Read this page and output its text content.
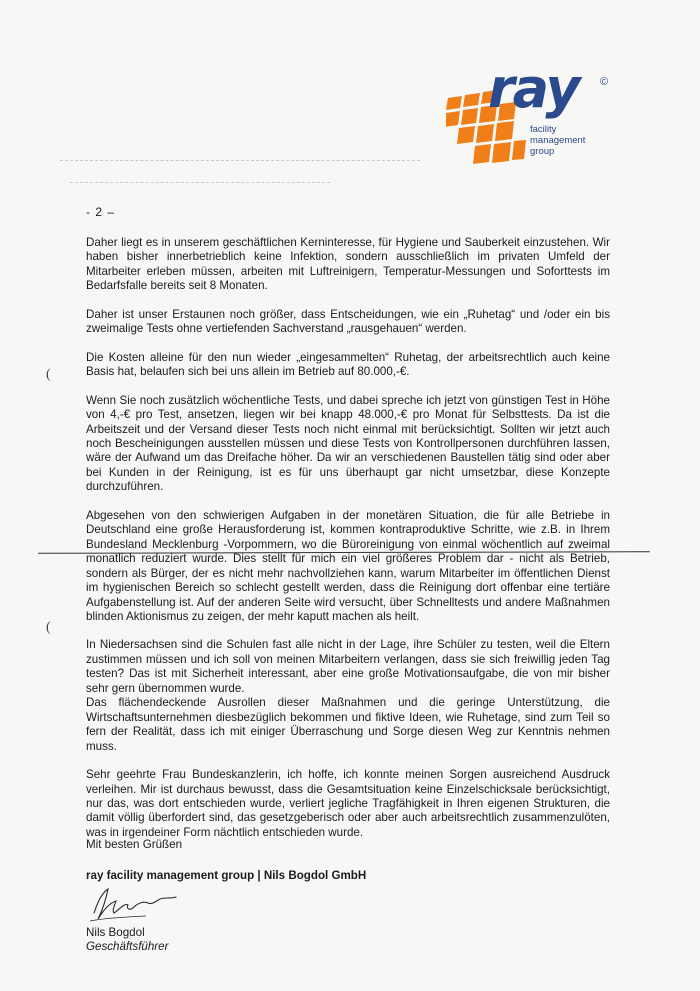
ray ©
facility
management
group
- 2 –
(
(

Daher liegt es in unserem geschäftlichen Kerninteresse, für Hygiene und Sauberkeit einzustehen. Wir haben bisher innerbetrieblich keine Infektion, sondern ausschließlich im privaten Umfeld der Mitarbeiter erleben müssen, arbeiten mit Luftreinigern, Temperatur-Messungen und Soforttests im Bedarfsfalle bereits seit 8 Monaten.

Daher ist unser Erstaunen noch größer, dass Entscheidungen, wie ein „Ruhetag“ und /oder ein bis zweimalige Tests ohne vertiefenden Sachverstand „rausgehauen“ werden.

Die Kosten alleine für den nun wieder „eingesammelten“ Ruhetag, der arbeitsrechtlich auch keine Basis hat, belaufen sich bei uns allein im Betrieb auf 80.000,-€.

Wenn Sie noch zusätzlich wöchentliche Tests, und dabei spreche ich jetzt von günstigen Test in Höhe von 4,-€ pro Test, ansetzen, liegen wir bei knapp 48.000,-€ pro Monat für Selbsttests. Da ist die Arbeitszeit und der Versand dieser Tests noch nicht einmal mit berücksichtigt. Sollten wir jetzt auch noch Bescheinigungen ausstellen müssen und diese Tests von Kontrollpersonen durchführen lassen, wäre der Aufwand um das Dreifache höher. Da wir an verschiedenen Baustellen tätig sind oder aber bei Kunden in der Reinigung, ist es für uns überhaupt gar nicht umsetzbar, diese Konzepte durchzuführen.

Abgesehen von den schwierigen Aufgaben in der monetären Situation, die für alle Betriebe in Deutschland eine große Herausforderung ist, kommen kontraproduktive Schritte, wie z.B. in Ihrem Bundesland Mecklenburg -Vorpommern, wo die Büroreinigung von einmal wöchentlich auf zweimal monatlich reduziert wurde. Dies stellt für mich ein viel größeres Problem dar - nicht als Betrieb, sondern als Bürger, der es nicht mehr nachvollziehen kann, warum Mitarbeiter im öffentlichen Dienst im hygienischen Bereich so schlecht gestellt werden, dass die Reinigung dort offenbar eine tertiäre Aufgabenstellung ist. Auf der anderen Seite wird versucht, über Schnelltests und andere Maßnahmen blinden Aktionismus zu zeigen, der mehr kaputt machen als heilt.

In Niedersachsen sind die Schulen fast alle nicht in der Lage, ihre Schüler zu testen, weil die Eltern zustimmen müssen und ich soll von meinen Mitarbeitern verlangen, dass sie sich freiwillig jeden Tag testen? Das ist mit Sicherheit interessant, aber eine große Motivationsaufgabe, die von mir bisher sehr gern übernommen wurde.

Das flächendeckende Ausrollen dieser Maßnahmen und die geringe Unterstützung, die Wirtschaftsunternehmen diesbezüglich bekommen und fiktive Ideen, wie Ruhetage, sind zum Teil so fern der Realität, dass ich mit einiger Überraschung und Sorge diesen Weg zur Kenntnis nehmen muss.

Sehr geehrte Frau Bundeskanzlerin, ich hoffe, ich konnte meinen Sorgen ausreichend Ausdruck verleihen. Mir ist durchaus bewusst, dass die Gesamtsituation keine Einzelschicksale berücksichtigt, nur das, was dort entschieden wurde, verliert jegliche Tragfähigkeit in Ihren eigenen Strukturen, die damit völlig überfordert sind, das gesetzgeberisch oder aber auch arbeitsrechtlich zusammenzulöten, was in irgendeiner Form nächtlich entschieden wurde.

Mit besten Grüßen
ray facility management group | Nils Bogdol GmbH
Nils Bogdol
Geschäftsführer
